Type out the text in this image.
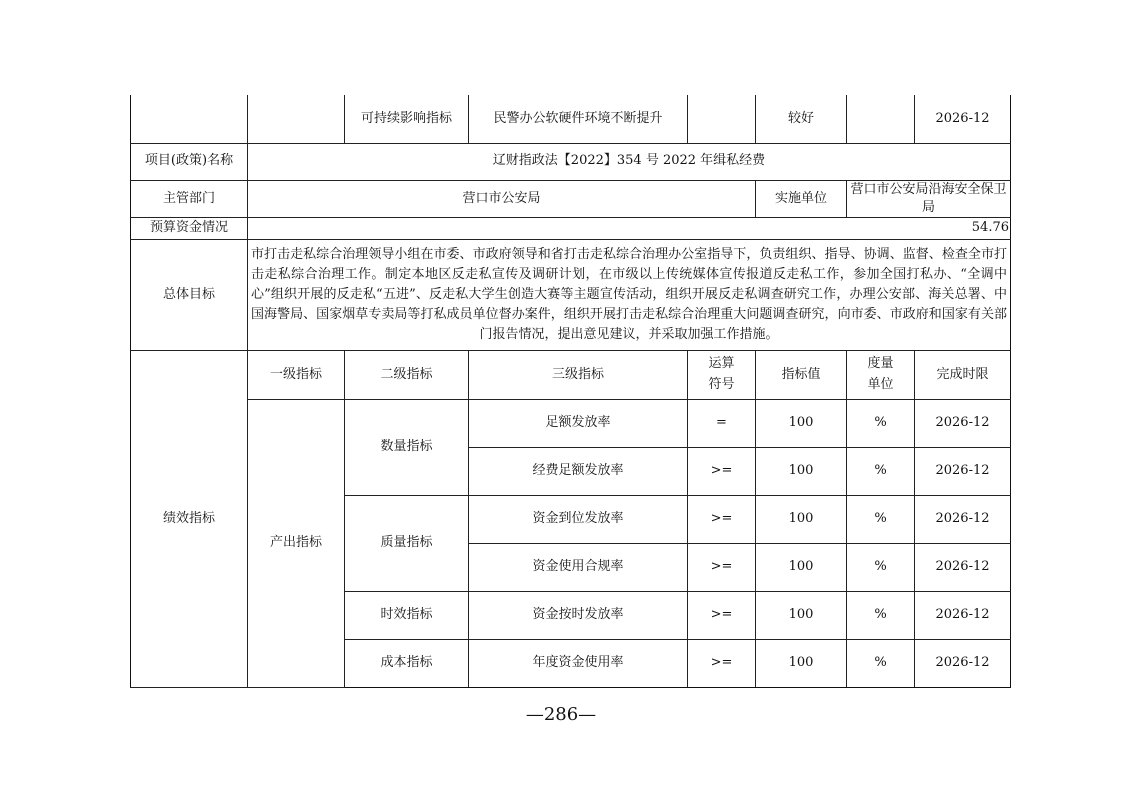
		可持续影响指标	民警办公软硬件环境不断提升		较好		2026-12
项目(政策)名称	辽财指政法【2022】354 号 2022 年缉私经费						
主管部门	营口市公安局				实施单位	营口市公安局沿海安全保卫局	
预算资金情况	54.76						
总体目标	市打击走私综合治理领导小组在市委、市政府领导和省打击走私综合治理办公室指导下，负责组织、指导、协调、监督、检查全市打击走私综合治理工作。制定本地区反走私宣传及调研计划，在市级以上传统媒体宣传报道反走私工作，参加全国打私办、“全调中心”组织开展的反走私“五进”、反走私大学生创造大赛等主题宣传活动，组织开展反走私调查研究工作，办理公安部、海关总署、中国海警局、国家烟草专卖局等打私成员单位督办案件，组织开展打击走私综合治理重大问题调查研究，向市委、市政府和国家有关部门报告情况，提出意见建议，并采取加强工作措施。						
绩效指标	一级指标	二级指标	三级指标	运算符号	指标值	度量单位	完成时限
	产出指标	数量指标	足额发放率	=	100	%	2026-12
			经费足额发放率	>=	100	%	2026-12
		质量指标	资金到位发放率	>=	100	%	2026-12
			资金使用合规率	>=	100	%	2026-12
		时效指标	资金按时发放率	>=	100	%	2026-12
		成本指标	年度资金使用率	>=	100	%	2026-12
—286—
